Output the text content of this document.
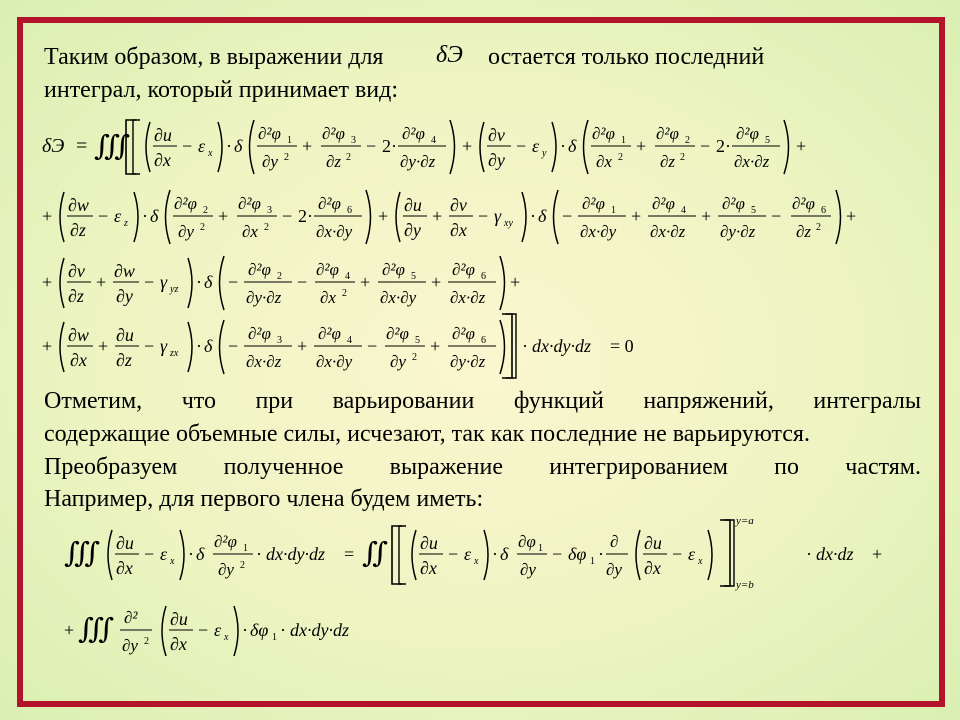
Таким образом, в выражении для δЭ остается только последний

интеграл, который принимает вид:

δЭ = ∭ ∂u
∂x
− ε x · δ
∂²φ 1
∂y 2
+
∂²φ 3
∂z 2
− 2·
∂²φ 4
∂y·∂z
+
∂v
∂y
− ε y · δ
∂²φ 1
∂x 2
+
∂²φ 2
∂z 2
− 2·
∂²φ 5
∂x·∂z
+
+
∂w
∂z
− ε z · δ
∂²φ 2
∂y 2
+
∂²φ 3
∂x 2
− 2·
∂²φ 6
∂x·∂y
+
∂u
∂y
+
∂v
∂x
− γ xy · δ −
∂²φ 1
∂x·∂y
+
∂²φ 4
∂x·∂z
+
∂²φ 5
∂y·∂z
−
∂²φ 6
∂z 2
+
+
∂v
∂z
+
∂w
∂y
− γ yz · δ −
∂²φ 2
∂y·∂z
−
∂²φ 4
∂x 2
+
∂²φ 5
∂x·∂y
+
∂²φ 6
∂x·∂z
+
+
∂w
∂x
+
∂u
∂z
− γ zx · δ −
∂²φ 3
∂x·∂z
+
∂²φ 4
∂x·∂y
−
∂²φ 5
∂y 2
+
∂²φ 6
∂y·∂z
· dx·dy·dz = 0

Отметим, что при варьировании функций напряжений, интегралы

содержащие объемные силы, исчезают, так как последние не варьируются.

Преобразуем полученное выражение интегрированием по частям.

Например, для первого члена будем иметь:

∭ ∂u
∂x
− ε x · δ
∂²φ 1
∂y 2
· dx·dy·dz = ∬ ∂u
∂x
− ε x · δ
∂φ 1
∂y
− δφ 1 ·
∂
∂y
∂u
∂x
− ε x
y=a
y=b
· dx·dz +
+ ∭ ∂²
∂y 2
∂u
∂x
− ε x · δφ 1 · dx·dy·dz
